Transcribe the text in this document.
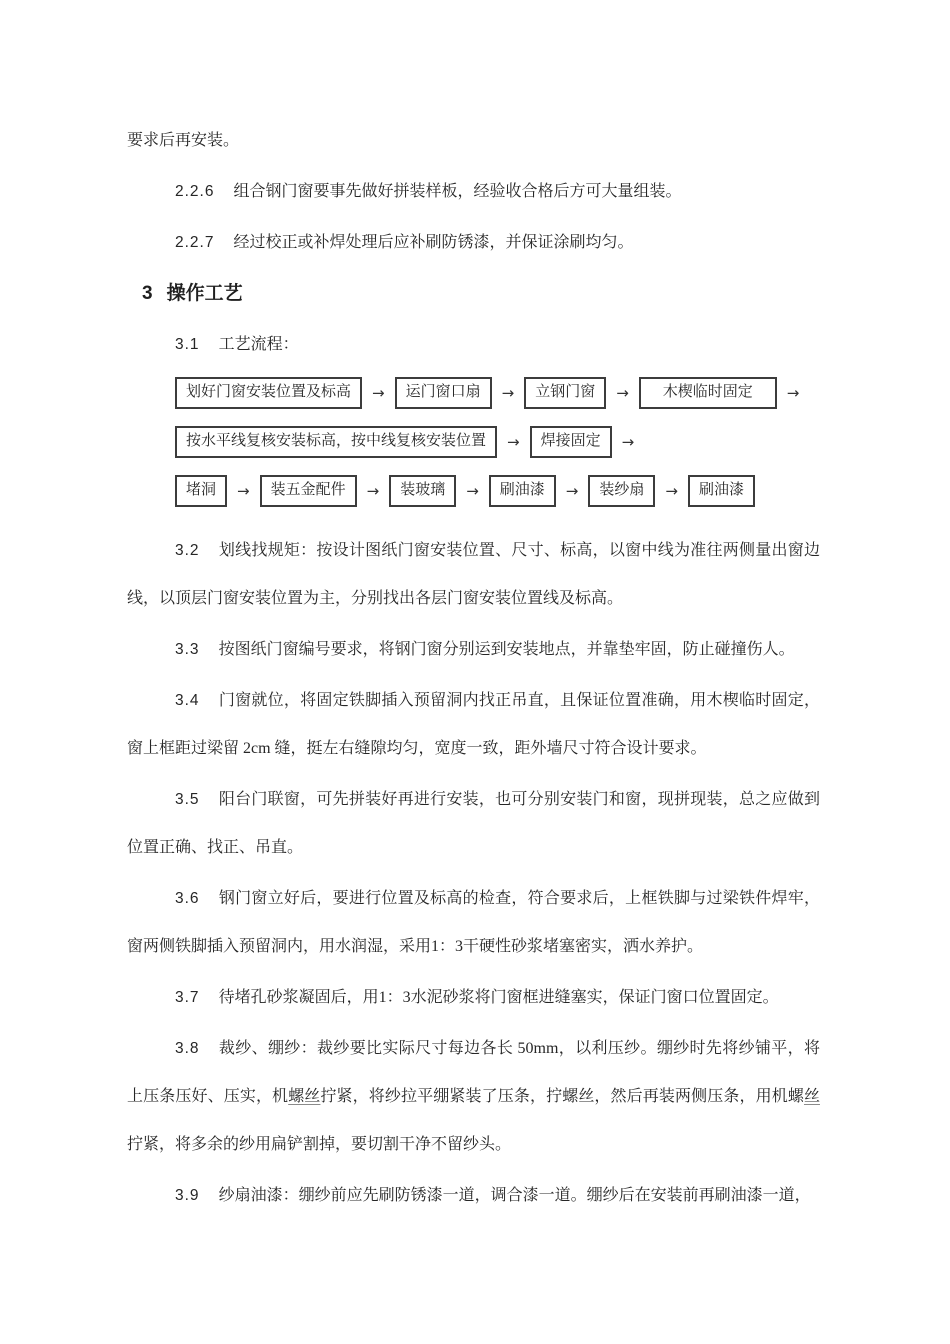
要求后再安装。

2.2.6 组合钢门窗要事先做好拼装样板，经验收合格后方可大量组装。

2.2.7 经过校正或补焊处理后应补刷防锈漆，并保证涂刷均匀。

3 操作工艺

3.1 工艺流程：

划好门窗安装位置及标高	→	运门窗口扇	→	立钢门窗	→	木楔临时固定	→
按水平线复核安装标高，按中线复核安装位置	→	焊接固定	→
堵洞	→	装五金配件	→	装玻璃	→	刷油漆	→	装纱扇	→	刷油漆

3.2 划线找规矩：按设计图纸门窗安装位置、尺寸、标高，以窗中线为准往两侧量出窗边线，以顶层门窗安装位置为主，分别找出各层门窗安装位置线及标高。

3.3 按图纸门窗编号要求，将钢门窗分别运到安装地点，并靠垫牢固，防止碰撞伤人。

3.4 门窗就位，将固定铁脚插入预留洞内找正吊直，且保证位置准确，用木楔临时固定，窗上框距过梁留 2cm 缝，挺左右缝隙均匀，宽度一致，距外墙尺寸符合设计要求。

3.5 阳台门联窗，可先拼装好再进行安装，也可分别安装门和窗，现拼现装，总之应做到位置正确、找正、吊直。

3.6 钢门窗立好后，要进行位置及标高的检查，符合要求后，上框铁脚与过梁铁件焊牢，窗两侧铁脚插入预留洞内，用水润湿，采用1：3干硬性砂浆堵塞密实，洒水养护。

3.7 待堵孔砂浆凝固后，用1：3水泥砂浆将门窗框进缝塞实，保证门窗口位置固定。

3.8 裁纱、绷纱：裁纱要比实际尺寸每边各长 50mm，以利压纱。绷纱时先将纱铺平，将上压条压好、压实，机螺丝拧紧，将纱拉平绷紧装了压条，拧螺丝，然后再装两侧压条，用机螺丝拧紧，将多余的纱用扁铲割掉，要切割干净不留纱头。

3.9 纱扇油漆：绷纱前应先刷防锈漆一道，调合漆一道。绷纱后在安装前再刷油漆一道，
